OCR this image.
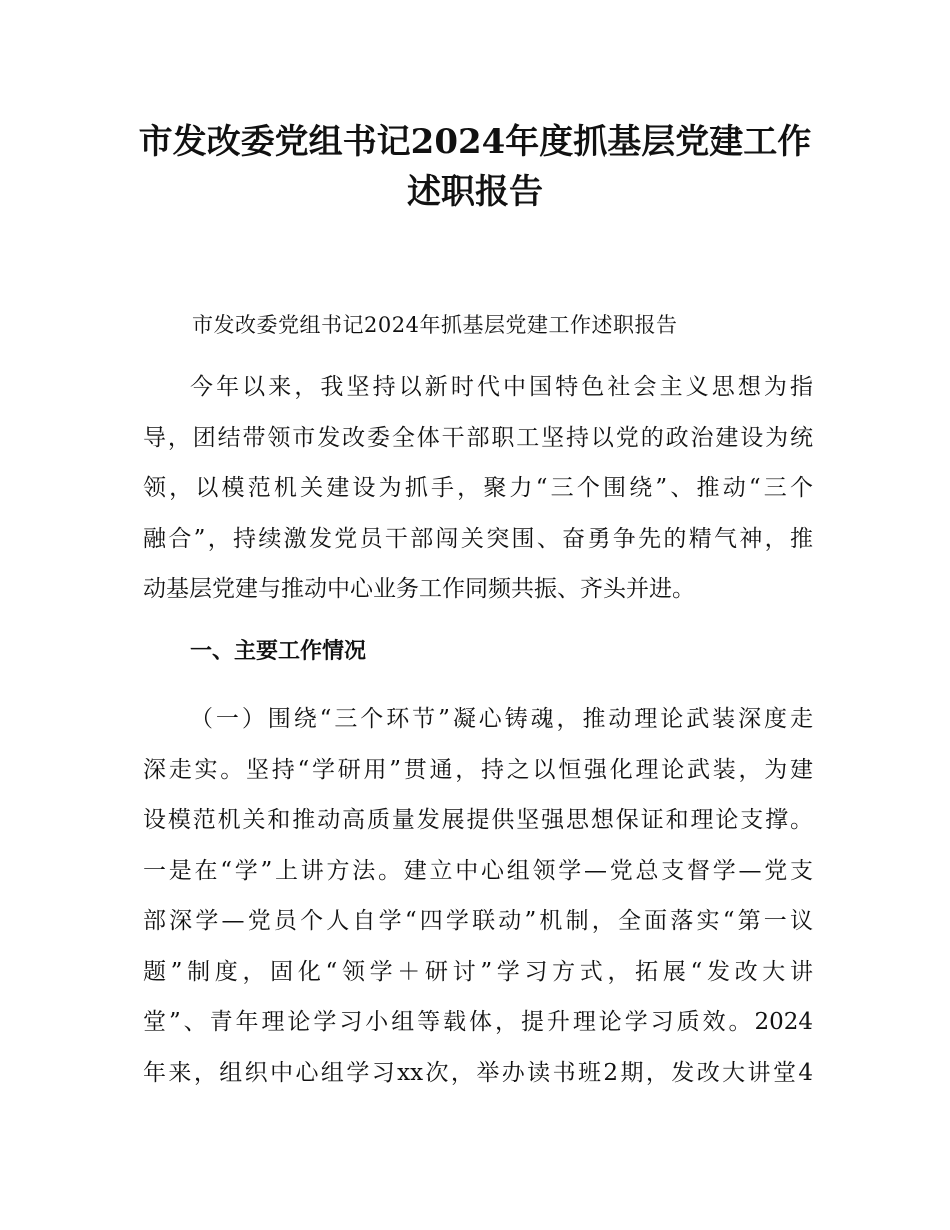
市发改委党组书记2024年度抓基层党建工作
述职报告
市发改委党组书记2024年抓基层党建工作述职报告
今年以来，我坚持以新时代中国特色社会主义思想为指
导，团结带领市发改委全体干部职工坚持以党的政治建设为统
领，以模范机关建设为抓手，聚力“三个围绕”、推动“三个
融合”，持续激发党员干部闯关突围、奋勇争先的精气神，推
动基层党建与推动中心业务工作同频共振、齐头并进。
一、主要工作情况
（一）围绕“三个环节”凝心铸魂，推动理论武装深度走
深走实。坚持“学研用”贯通，持之以恒强化理论武装，为建
设模范机关和推动高质量发展提供坚强思想保证和理论支撑。
一是在“学”上讲方法。建立中心组领学—党总支督学—党支
部深学—党员个人自学“四学联动”机制，全面落实“第一议
题”制度，固化“领学＋研讨”学习方式，拓展“发改大讲
堂”、青年理论学习小组等载体，提升理论学习质效。2024
年来，组织中心组学习xx次，举办读书班2期，发改大讲堂4
